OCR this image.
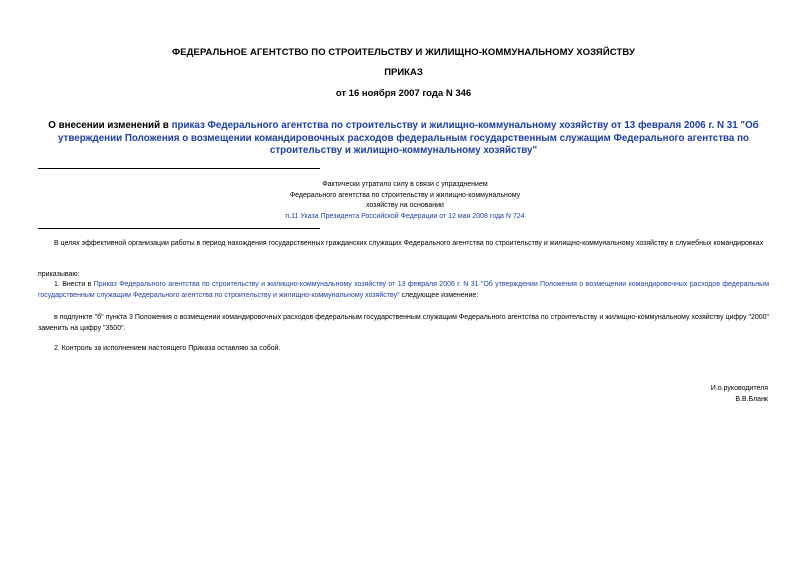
ФЕДЕРАЛЬНОЕ АГЕНТСТВО ПО СТРОИТЕЛЬСТВУ И ЖИЛИЩНО-КОММУНАЛЬНОМУ ХОЗЯЙСТВУ
ПРИКАЗ
от 16 ноября 2007 года N 346
О внесении изменений в приказ Федерального агентства по строительству и жилищно-коммунальному хозяйству от 13 февраля 2006 г. N 31 "Об утверждении Положения о возмещении командировочных расходов федеральным государственным служащим Федерального агентства по строительству и жилищно-коммунальному хозяйству"
Фактически утратило силу в связи с упразднением
Федерального агентства по строительству и жилищно-коммунальному
хозяйству на основании
п.11 Указа Президента Российской Федерации от 12 мая 2008 года N 724
В целях эффективной организации работы в период нахождения государственных гражданских служащих Федерального агентства по строительству и жилищно-коммунальному хозяйству в служебных командировках
приказываю:
1. Внести в Приказ Федерального агентства по строительству и жилищно-коммунальному хозяйству от 13 февраля 2006 г. N 31 "Об утверждении Положения о возмещении командировочных расходов федеральным государственным служащим Федерального агентства по строительству и жилищно-коммунальному хозяйству" следующее изменение:
в подпункте "б" пункта 3 Положения о возмещении командировочных расходов федеральным государственным служащим Федерального агентства по строительству и жилищно-коммунальному хозяйству цифру "2000" заменить на цифру "3500".
2. Контроль за исполнением настоящего Приказа оставляю за собой.
И.о.руководителя
В.В.Бланк
